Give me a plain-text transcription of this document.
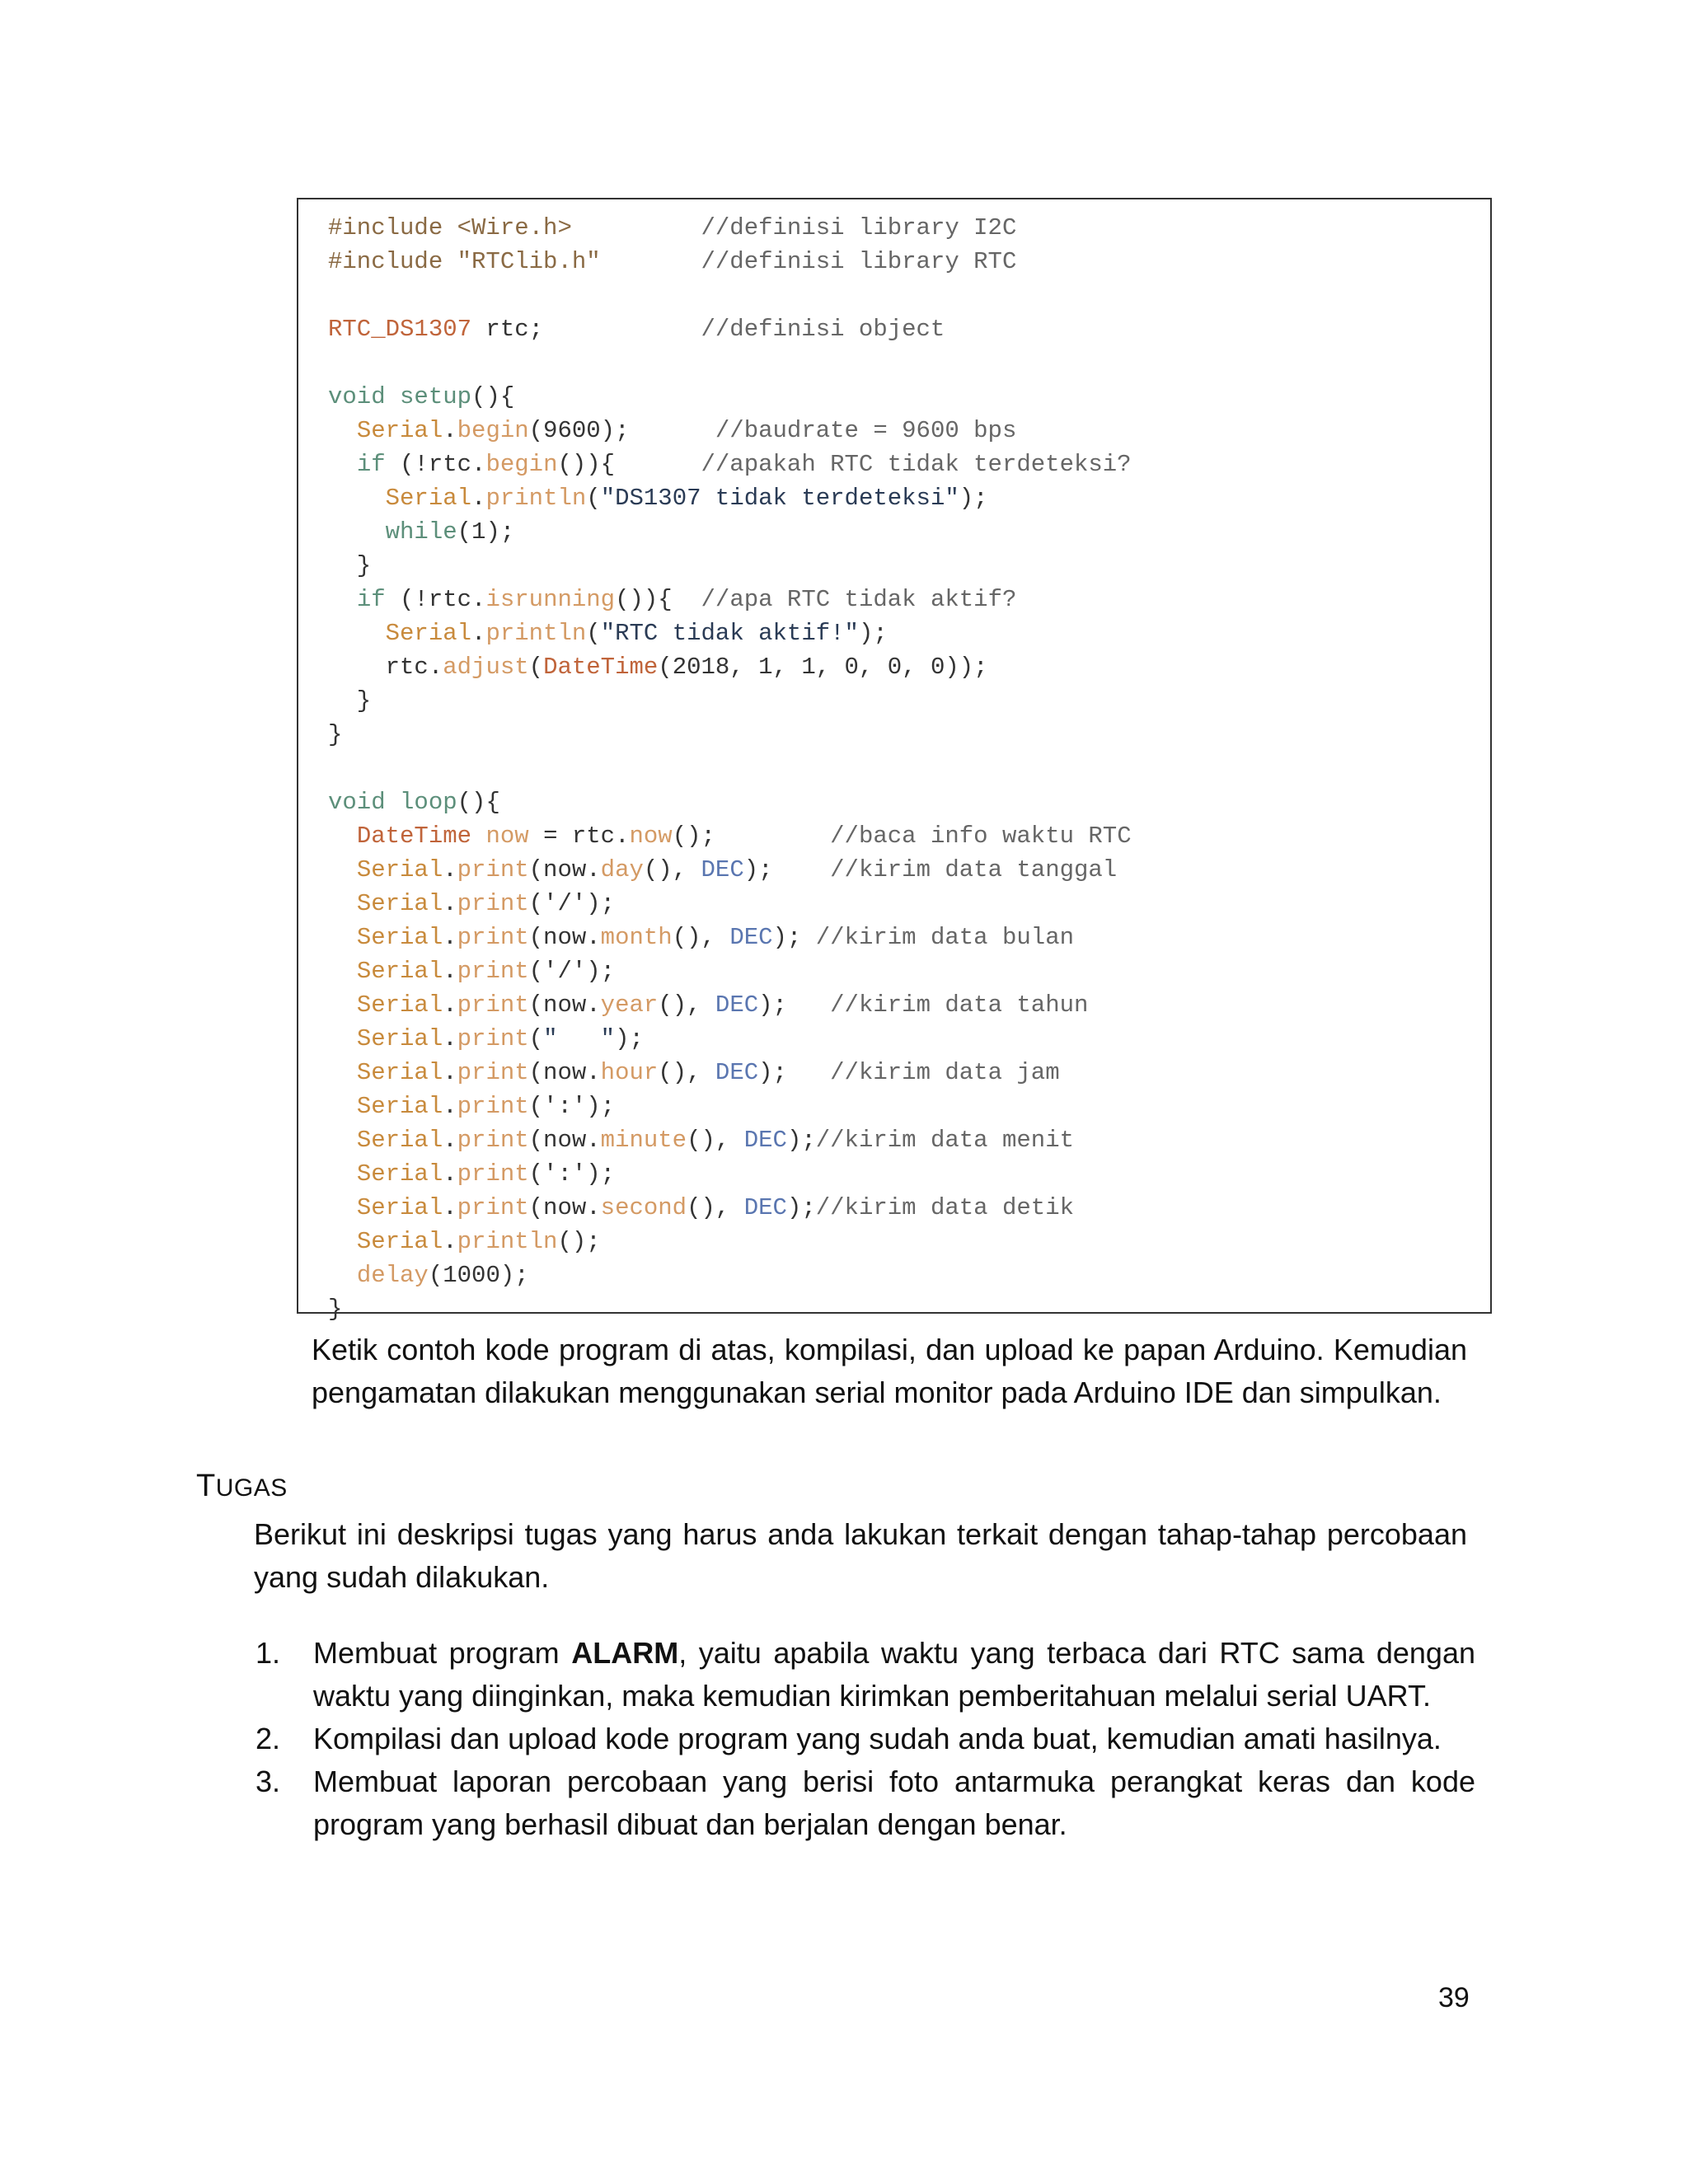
#include <Wire.h>	//definisi library I2C
#include "RTClib.h"	//definisi library RTC
RTC_DS1307 rtc;           //definisi object
void setup(){
Serial.begin(9600);      //baudrate = 9600 bps
if (!rtc.begin()){      //apakah RTC tidak terdeteksi?
Serial.println("DS1307 tidak terdeteksi");
while(1);
}
if (!rtc.isrunning()){  //apa RTC tidak aktif?
Serial.println("RTC tidak aktif!");
rtc.adjust(DateTime(2018, 1, 1, 0, 0, 0));
}
}
void loop(){
DateTime now = rtc.now();        //baca info waktu RTC
Serial.print(now.day(), DEC);    //kirim data tanggal
Serial.print('/');
Serial.print(now.month(), DEC); //kirim data bulan
Serial.print('/');
Serial.print(now.year(), DEC);   //kirim data tahun
Serial.print("   ");
Serial.print(now.hour(), DEC);   //kirim data jam
Serial.print(':');
Serial.print(now.minute(), DEC);//kirim data menit
Serial.print(':');
Serial.print(now.second(), DEC);//kirim data detik
Serial.println();
delay(1000);
}

Ketik contoh kode program di atas, kompilasi, dan upload ke papan Arduino. Kemudian pengamatan dilakukan menggunakan serial monitor pada Arduino IDE dan simpulkan.

TUGAS

Berikut ini deskripsi tugas yang harus anda lakukan terkait dengan tahap-tahap percobaan yang sudah dilakukan.

1. Membuat program ALARM, yaitu apabila waktu yang terbaca dari RTC sama dengan waktu yang diinginkan, maka kemudian kirimkan pemberitahuan melalui serial UART.
2. Kompilasi dan upload kode program yang sudah anda buat, kemudian amati hasilnya.
3. Membuat laporan percobaan yang berisi foto antarmuka perangkat keras dan kode program yang berhasil dibuat dan berjalan dengan benar.
39
